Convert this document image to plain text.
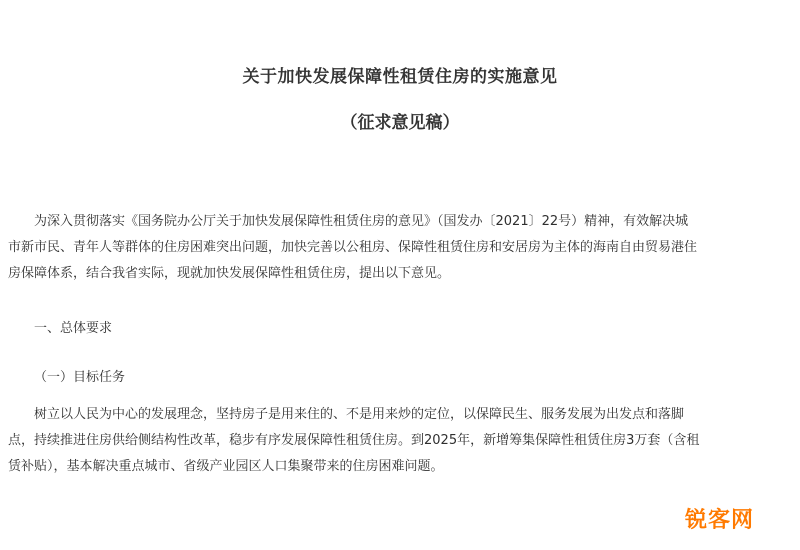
关于加快发展保障性租赁住房的实施意见
（征求意见稿）
为深入贯彻落实《国务院办公厅关于加快发展保障性租赁住房的意见》（国发办〔2021〕22号）精神，有效解决城
市新市民、青年人等群体的住房困难突出问题，加快完善以公租房、保障性租赁住房和安居房为主体的海南自由贸易港住
房保障体系，结合我省实际，现就加快发展保障性租赁住房，提出以下意见。
一、总体要求
（一）目标任务
树立以人民为中心的发展理念，坚持房子是用来住的、不是用来炒的定位，以保障民生、服务发展为出发点和落脚
点，持续推进住房供给侧结构性改革，稳步有序发展保障性租赁住房。到2025年，新增筹集保障性租赁住房3万套（含租
赁补贴），基本解决重点城市、省级产业园区人口集聚带来的住房困难问题。
锐客网
